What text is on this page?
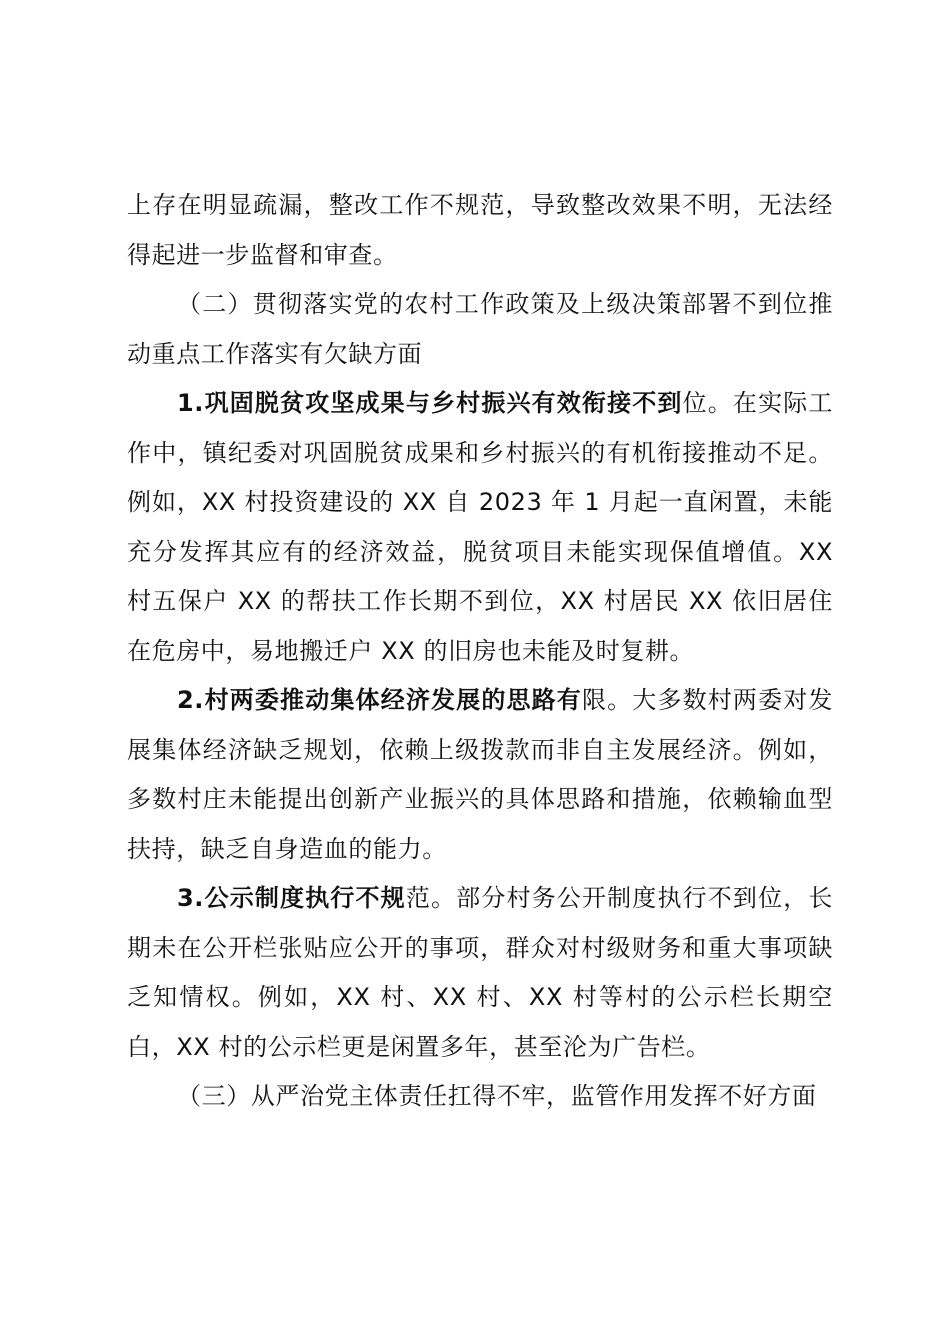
上存在明显疏漏，整改工作不规范，导致整改效果不明，无法经得起进一步监督和审查。

（二）贯彻落实党的农村工作政策及上级决策部署不到位推动重点工作落实有欠缺方面

1.巩固脱贫攻坚成果与乡村振兴有效衔接不到位。在实际工作中，镇纪委对巩固脱贫成果和乡村振兴的有机衔接推动不足。例如，XX 村投资建设的 XX 自 2023 年 1 月起一直闲置，未能充分发挥其应有的经济效益，脱贫项目未能实现保值增值。XX 村五保户 XX 的帮扶工作长期不到位，XX 村居民 XX 依旧居住在危房中，易地搬迁户 XX 的旧房也未能及时复耕。

2.村两委推动集体经济发展的思路有限。大多数村两委对发展集体经济缺乏规划，依赖上级拨款而非自主发展经济。例如，多数村庄未能提出创新产业振兴的具体思路和措施，依赖输血型扶持，缺乏自身造血的能力。

3.公示制度执行不规范。部分村务公开制度执行不到位，长期未在公开栏张贴应公开的事项，群众对村级财务和重大事项缺乏知情权。例如，XX 村、XX 村、XX 村等村的公示栏长期空白，XX 村的公示栏更是闲置多年，甚至沦为广告栏。

（三）从严治党主体责任扛得不牢，监管作用发挥不好方面
